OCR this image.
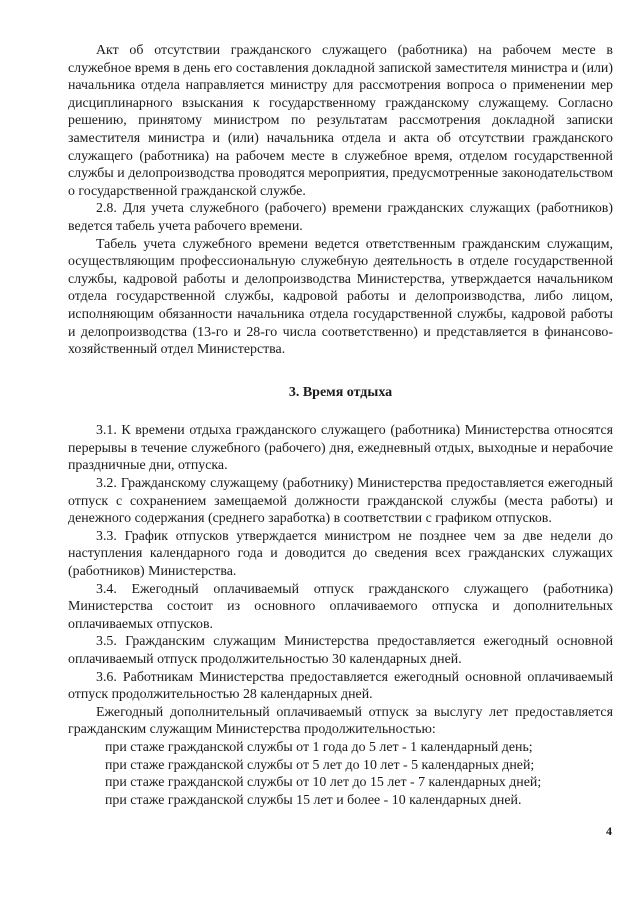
Акт об отсутствии гражданского служащего (работника) на рабочем месте в служебное время в день его составления докладной запиской заместителя министра и (или) начальника отдела направляется министру для рассмотрения вопроса о применении мер дисциплинарного взыскания к государственному гражданскому служащему. Согласно решению, принятому министром по результатам рассмотрения докладной записки заместителя министра и (или) начальника отдела и акта об отсутствии гражданского служащего (работника) на рабочем месте в служебное время, отделом государственной службы и делопроизводства проводятся мероприятия, предусмотренные законодательством о государственной гражданской службе.

2.8. Для учета служебного (рабочего) времени гражданских служащих (работников) ведется табель учета рабочего времени.

Табель учета служебного времени ведется ответственным гражданским служащим, осуществляющим профессиональную служебную деятельность в отделе государственной службы, кадровой работы и делопроизводства Министерства, утверждается начальником отдела государственной службы, кадровой работы и делопроизводства, либо лицом, исполняющим обязанности начальника отдела государственной службы, кадровой работы и делопроизводства (13-го и 28-го числа соответственно) и представляется в финансово-хозяйственный отдел Министерства.

3. Время отдыха

3.1. К времени отдыха гражданского служащего (работника) Министерства относятся перерывы в течение служебного (рабочего) дня, ежедневный отдых, выходные и нерабочие праздничные дни, отпуска.

3.2. Гражданскому служащему (работнику) Министерства предоставляется ежегодный отпуск с сохранением замещаемой должности гражданской службы (места работы) и денежного содержания (среднего заработка) в соответствии с графиком отпусков.

3.3. График отпусков утверждается министром не позднее чем за две недели до наступления календарного года и доводится до сведения всех гражданских служащих (работников) Министерства.

3.4. Ежегодный оплачиваемый отпуск гражданского служащего (работника) Министерства состоит из основного оплачиваемого отпуска и дополнительных оплачиваемых отпусков.

3.5. Гражданским служащим Министерства предоставляется ежегодный основной оплачиваемый отпуск продолжительностью 30 календарных дней.

3.6. Работникам Министерства предоставляется ежегодный основной оплачиваемый отпуск продолжительностью 28 календарных дней.

Ежегодный дополнительный оплачиваемый отпуск за выслугу лет предоставляется гражданским служащим Министерства продолжительностью:

при стаже гражданской службы от 1 года до 5 лет - 1 календарный день;
при стаже гражданской службы от 5 лет до 10 лет - 5 календарных дней;
при стаже гражданской службы от 10 лет до 15 лет - 7 календарных дней;
при стаже гражданской службы 15 лет и более - 10 календарных дней.
4
